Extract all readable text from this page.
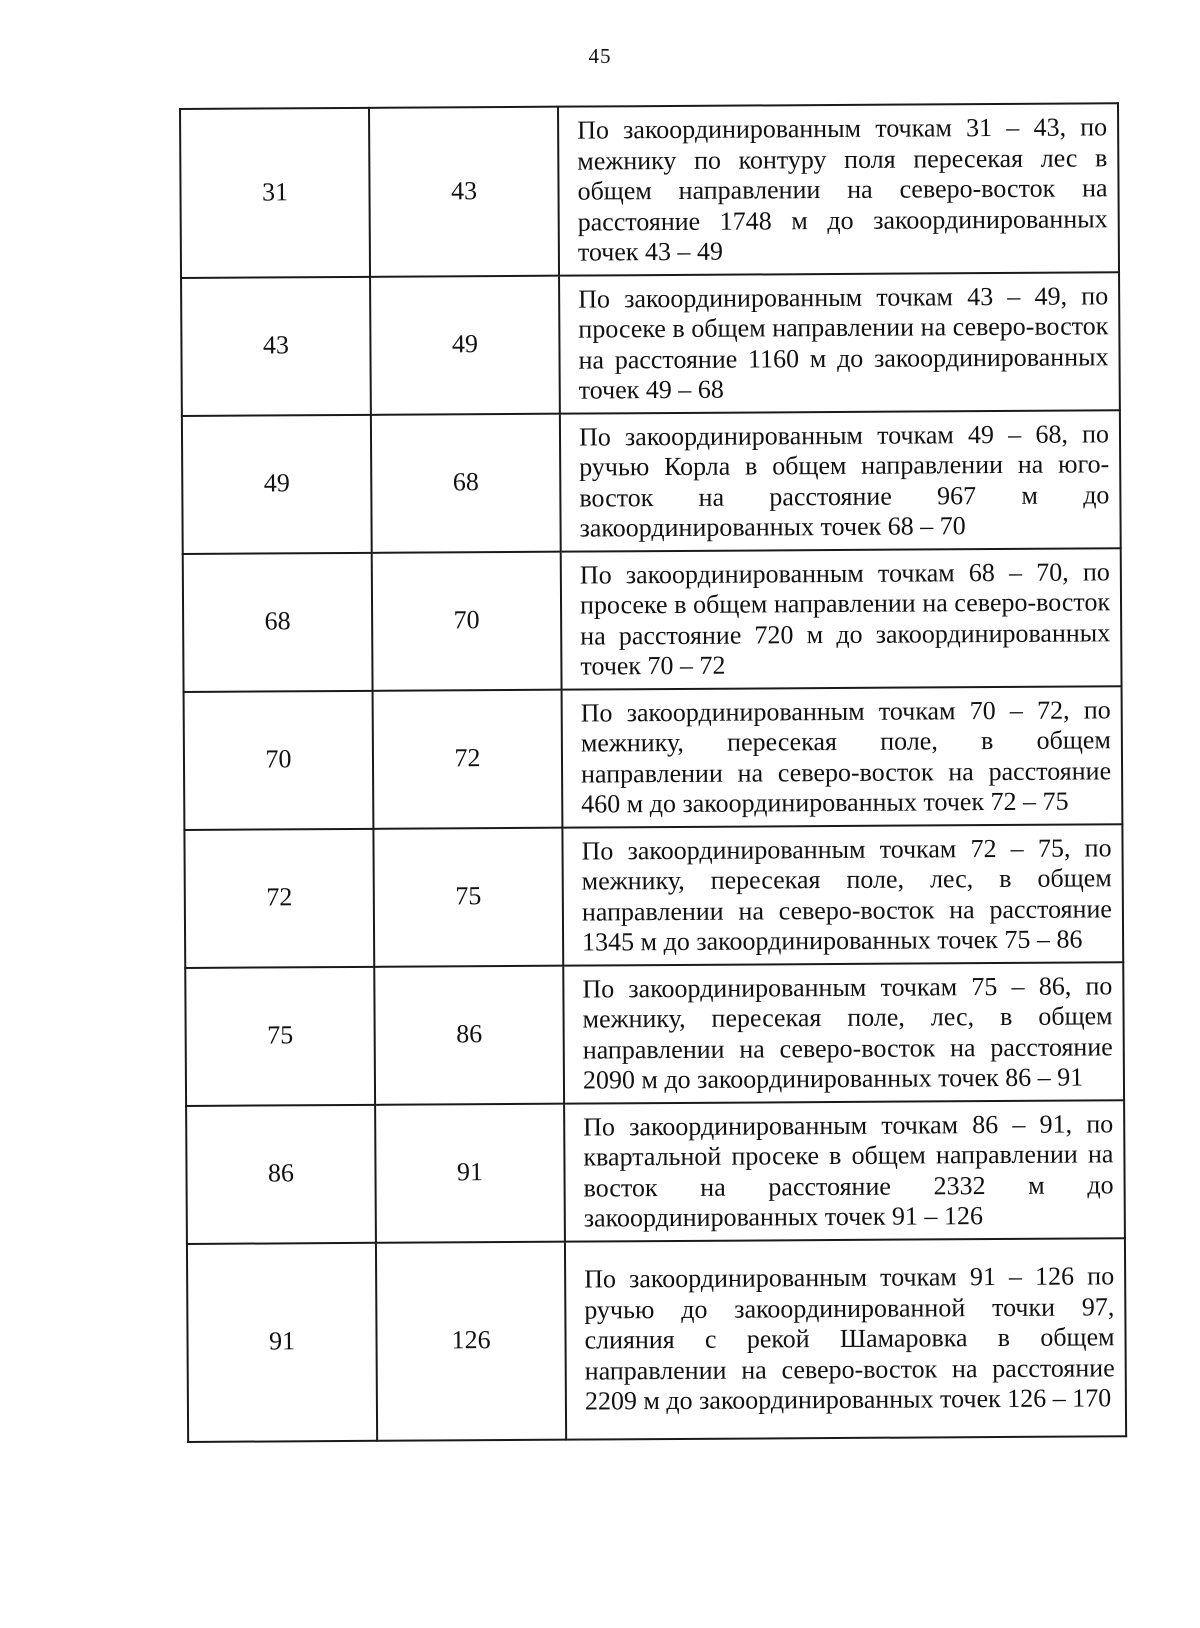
45
31	43	По закоординированным точкам 31 – 43, по межнику по контуру поля пересекая лес в общем направлении на северо-восток на расстояние 1748 м до закоординированных точек 43 – 49
43	49	По закоординированным точкам 43 – 49, по просеке в общем направлении на северо-восток на расстояние 1160 м до закоординированных точек 49 – 68
49	68	По закоординированным точкам 49 – 68, по ручью Корла в общем направлении на юго-восток на расстояние 967 м до закоординированных точек 68 – 70
68	70	По закоординированным точкам 68 – 70, по просеке в общем направлении на северо-восток на расстояние 720 м до закоординированных точек 70 – 72
70	72	По закоординированным точкам 70 – 72, по межнику, пересекая поле, в общем направлении на северо-восток на расстояние 460 м до закоординированных точек 72 – 75
72	75	По закоординированным точкам 72 – 75, по межнику, пересекая поле, лес, в общем направлении на северо-восток на расстояние 1345 м до закоординированных точек 75 – 86
75	86	По закоординированным точкам 75 – 86, по межнику, пересекая поле, лес, в общем направлении на северо-восток на расстояние 2090 м до закоординированных точек 86 – 91
86	91	По закоординированным точкам 86 – 91, по квартальной просеке в общем направлении на восток на расстояние 2332 м до закоординированных точек 91 – 126
91	126	По закоординированным точкам 91 – 126 по ручью до закоординированной точки 97, слияния с рекой Шамаровка в общем направлении на северо-восток на расстояние 2209 м до закоординированных точек 126 – 170
